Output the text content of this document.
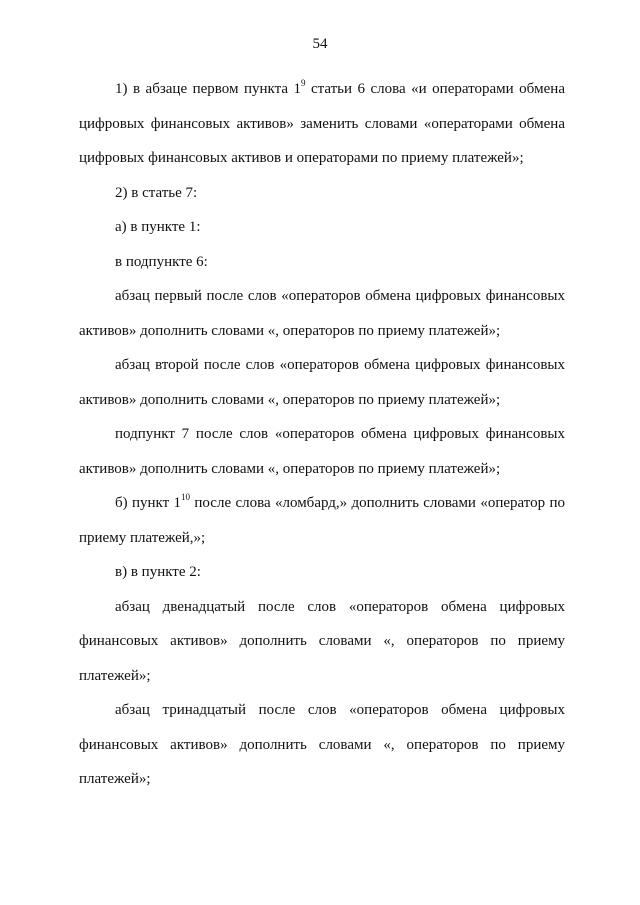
54

1) в абзаце первом пункта $1^9$ статьи 6 слова «и операторами обмена цифровых финансовых активов» заменить словами «операторами обмена цифровых финансовых активов и операторами по приему платежей»;

2) в статье 7:

а) в пункте 1:

в подпункте 6:

абзац первый после слов «операторов обмена цифровых финансовых активов» дополнить словами «, операторов по приему платежей»;

абзац второй после слов «операторов обмена цифровых финансовых активов» дополнить словами «, операторов по приему платежей»;

подпункт 7 после слов «операторов обмена цифровых финансовых активов» дополнить словами «, операторов по приему платежей»;

б) пункт $1^{10}$ после слова «ломбард,» дополнить словами «оператор по приему платежей,»;

в) в пункте 2:

абзац двенадцатый после слов «операторов обмена цифровых финансовых активов» дополнить словами «, операторов по приему платежей»;

абзац тринадцатый после слов «операторов обмена цифровых финансовых активов» дополнить словами «, операторов по приему платежей»;
